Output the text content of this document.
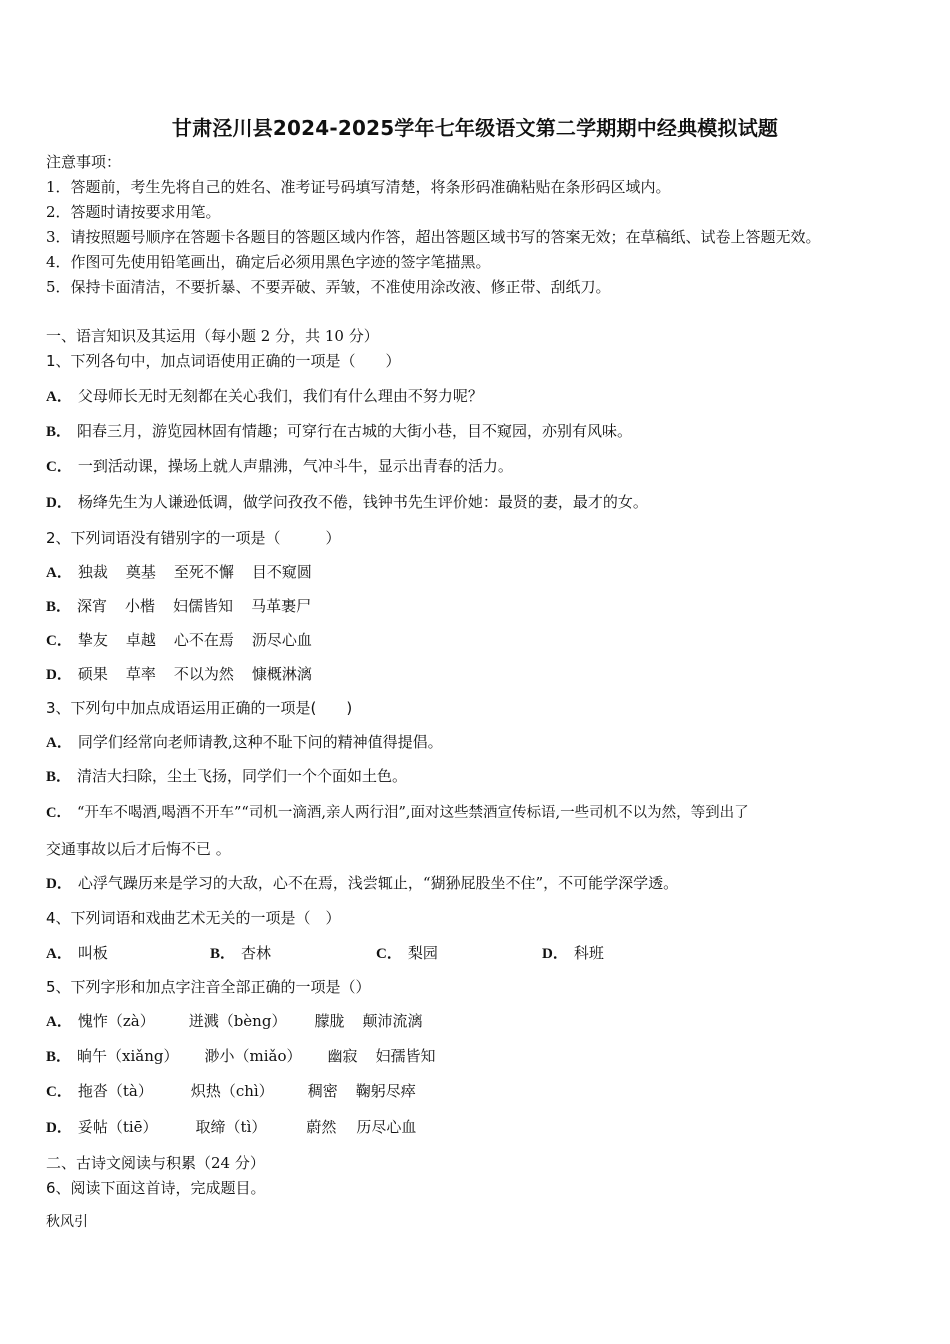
甘肃泾川县2024-2025学年七年级语文第二学期期中经典模拟试题
注意事项：
1．答题前，考生先将自己的姓名、准考证号码填写清楚，将条形码准确粘贴在条形码区域内。
2．答题时请按要求用笔。
3．请按照题号顺序在答题卡各题目的答题区域内作答，超出答题区域书写的答案无效；在草稿纸、试卷上答题无效。
4．作图可先使用铅笔画出，确定后必须用黑色字迹的签字笔描黑。
5．保持卡面清洁，不要折暴、不要弄破、弄皱，不准使用涂改液、修正带、刮纸刀。
一、语言知识及其运用（每小题 2 分，共 10 分）
1、下列各句中，加点词语使用正确的一项是（　　）
A． 父母师长无时无刻都在关心我们，我们有什么理由不努力呢？
B． 阳春三月，游览园林固有情趣；可穿行在古城的大街小巷，目不窥园，亦别有风味。
C． 一到活动课，操场上就人声鼎沸，气冲斗牛，显示出青春的活力。
D． 杨绛先生为人谦逊低调，做学问孜孜不倦，钱钟书先生评价她：最贤的妻，最才的女。
2、下列词语没有错别字的一项是（　　　）
A． 独裁 奠基 至死不懈 目不窥圆
B． 深宵 小楷 妇儒皆知 马革裹尸
C． 挚友 卓越 心不在焉 沥尽心血
D． 硕果 草率 不以为然 慷概淋漓
3、下列句中加点成语运用正确的一项是(　　)
A． 同学们经常向老师请教,这种不耻下问的精神值得提倡。
B． 清洁大扫除，尘土飞扬，同学们一个个面如土色。
C． “开车不喝酒,喝酒不开车”“司机一滴酒,亲人两行泪”,面对这些禁酒宣传标语,一些司机不以为然，等到出了
交通事故以后才后悔不已 。
D． 心浮气躁历来是学习的大敌，心不在焉，浅尝辄止，“猢狲屁股坐不住”，不可能学深学透。
4、下列词语和戏曲艺术无关的一项是（　）
A． 叫板	B． 杏林	C． 梨园	D． 科班
5、下列字形和加点字注音全部正确的一项是（）
A． 愧怍（zà） 迸溅（bèng） 朦胧 颠沛流漓
B． 晌午（xiǎng） 渺小（miǎo） 幽寂 妇孺皆知
C． 拖沓（tà）	炽热（chì） 稠密 鞠躬尽瘁
D． 妥帖（tiē）	取缔（tì）	蔚然 历尽心血
二、古诗文阅读与积累（24 分）
6、阅读下面这首诗，完成题目。
秋风引
